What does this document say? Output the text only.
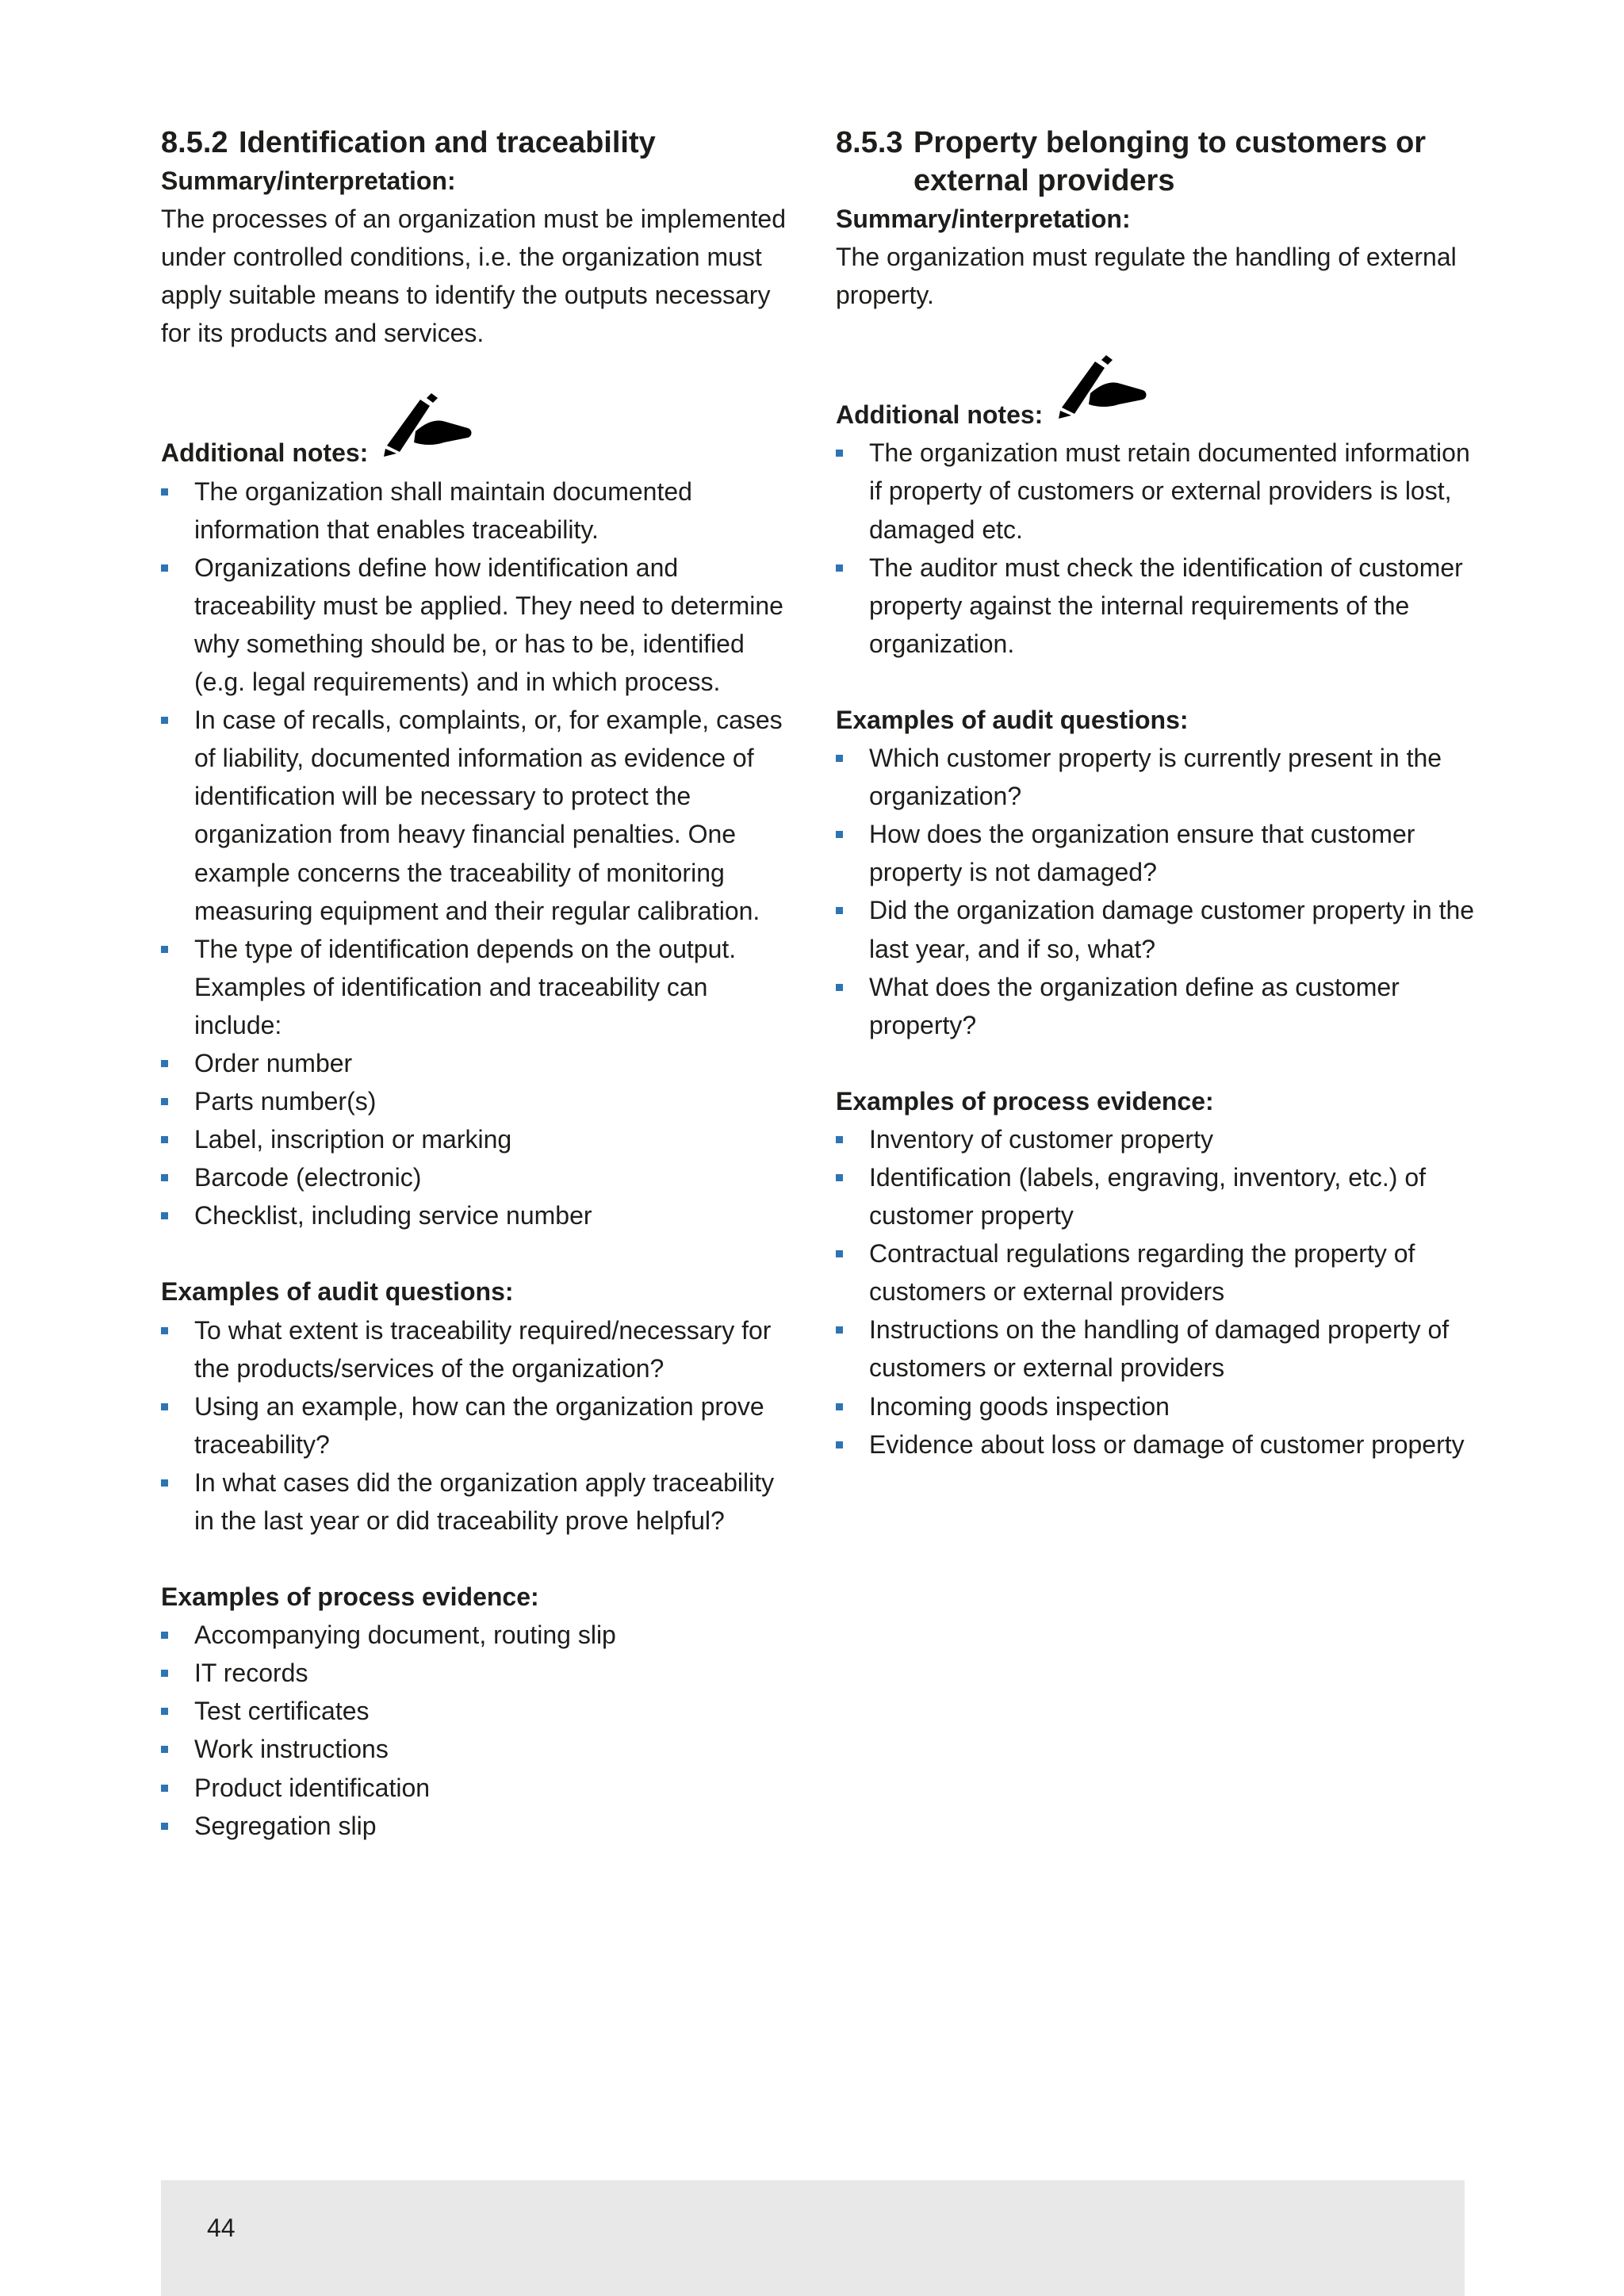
8.5.2 Identification and traceability
Summary/interpretation:

The processes of an organization must be implemented under controlled conditions, i.e. the organization must apply suitable means to identify the outputs necessary for its products and services.

Additional notes:
The organization shall maintain documented information that enables traceability.
Organizations define how identification and traceability must be applied. They need to determine why something should be, or has to be, identified (e.g. legal requirements) and in which process.
In case of recalls, complaints, or, for example, cases of liability, documented information as evidence of identification will be necessary to protect the organization from heavy financial penalties. One example concerns the traceability of monitoring measuring equipment and their regular calibration.
The type of identification depends on the output. Examples of identification and traceability can include:
Order number
Parts number(s)
Label, inscription or marking
Barcode (electronic)
Checklist, including service number
Examples of audit questions:
To what extent is traceability required/necessary for the products/services of the organization?
Using an example, how can the organization prove traceability?
In what cases did the organization apply traceability in the last year or did traceability prove helpful?
Examples of process evidence:
Accompanying document, routing slip
IT records
Test certificates
Work instructions
Product identification
Segregation slip
8.5.3 Property belonging to customers or external providers
Summary/interpretation:

The organization must regulate the handling of external property.

Additional notes:
The organization must retain documented information if property of customers or external providers is lost, damaged etc.
The auditor must check the identification of customer property against the internal requirements of the organization.
Examples of audit questions:
Which customer property is currently present in the organization?
How does the organization ensure that customer property is not damaged?
Did the organization damage customer property in the last year, and if so, what?
What does the organization define as customer property?
Examples of process evidence:
Inventory of customer property
Identification (labels, engraving, inventory, etc.) of customer property
Contractual regulations regarding the property of customers or external providers
Instructions on the handling of damaged property of customers or external providers
Incoming goods inspection
Evidence about loss or damage of customer property
44
